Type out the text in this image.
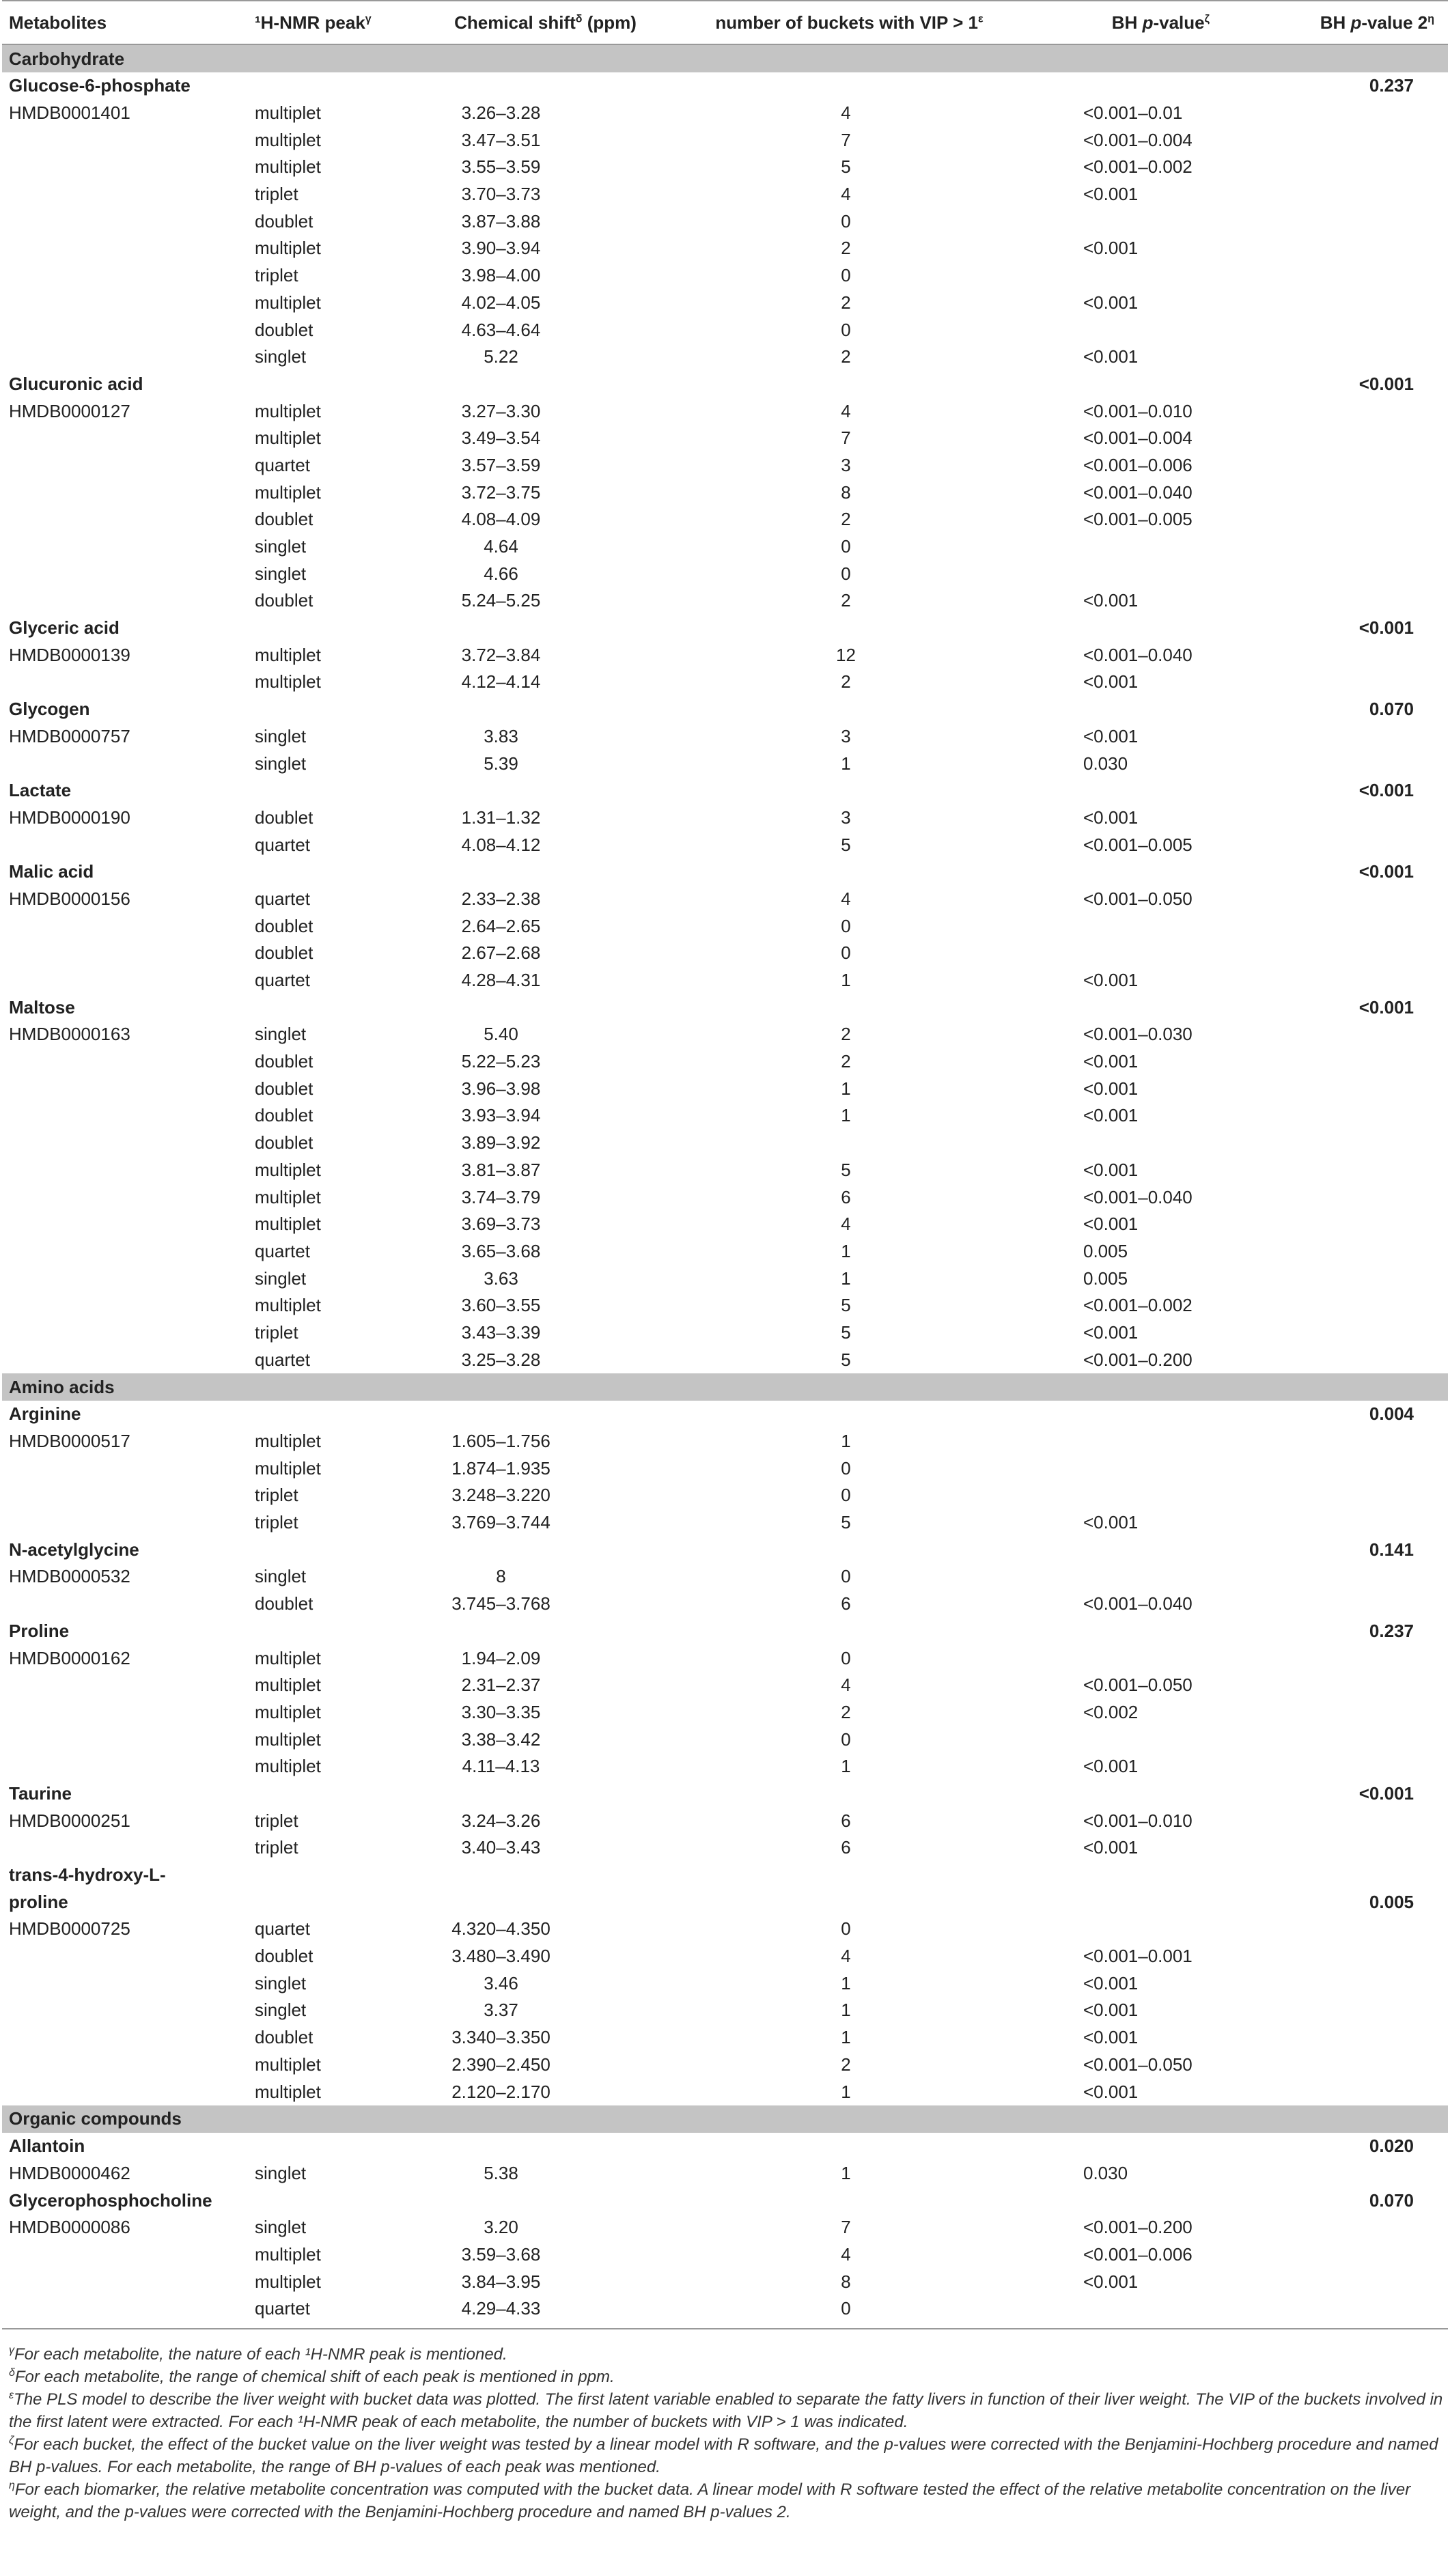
Metabolites	¹H-NMR peak$^\gamma$	Chemical shift$^\delta$ (ppm)	number of buckets with VIP > $1^\varepsilon$	BH p-value$^\zeta$	BH p-value $2^\eta$
Carbohydrate					
Glucose-6-phosphate					0.237
HMDB0001401	multiplet	3.26–3.28	4	<0.001–0.01	
	multiplet	3.47–3.51	7	<0.001–0.004	
	multiplet	3.55–3.59	5	<0.001–0.002	
	triplet	3.70–3.73	4	<0.001	
	doublet	3.87–3.88	0		
	multiplet	3.90–3.94	2	<0.001	
	triplet	3.98–4.00	0		
	multiplet	4.02–4.05	2	<0.001	
	doublet	4.63–4.64	0		
	singlet	5.22	2	<0.001	
Glucuronic acid					<0.001
HMDB0000127	multiplet	3.27–3.30	4	<0.001–0.010	
	multiplet	3.49–3.54	7	<0.001–0.004	
	quartet	3.57–3.59	3	<0.001–0.006	
	multiplet	3.72–3.75	8	<0.001–0.040	
	doublet	4.08–4.09	2	<0.001–0.005	
	singlet	4.64	0		
	singlet	4.66	0		
	doublet	5.24–5.25	2	<0.001	
Glyceric acid					<0.001
HMDB0000139	multiplet	3.72–3.84	12	<0.001–0.040	
	multiplet	4.12–4.14	2	<0.001	
Glycogen					0.070
HMDB0000757	singlet	3.83	3	<0.001	
	singlet	5.39	1	0.030	
Lactate					<0.001
HMDB0000190	doublet	1.31–1.32	3	<0.001	
	quartet	4.08–4.12	5	<0.001–0.005	
Malic acid					<0.001
HMDB0000156	quartet	2.33–2.38	4	<0.001–0.050	
	doublet	2.64–2.65	0		
	doublet	2.67–2.68	0		
	quartet	4.28–4.31	1	<0.001	
Maltose					<0.001
HMDB0000163	singlet	5.40	2	<0.001–0.030	
	doublet	5.22–5.23	2	<0.001	
	doublet	3.96–3.98	1	<0.001	
	doublet	3.93–3.94	1	<0.001	
	doublet	3.89–3.92			
	multiplet	3.81–3.87	5	<0.001	
	multiplet	3.74–3.79	6	<0.001–0.040	
	multiplet	3.69–3.73	4	<0.001	
	quartet	3.65–3.68	1	0.005	
	singlet	3.63	1	0.005	
	multiplet	3.60–3.55	5	<0.001–0.002	
	triplet	3.43–3.39	5	<0.001	
	quartet	3.25–3.28	5	<0.001–0.200	
Amino acids					
Arginine					0.004
HMDB0000517	multiplet	1.605–1.756	1		
	multiplet	1.874–1.935	0		
	triplet	3.248–3.220	0		
	triplet	3.769–3.744	5	<0.001	
N-acetylglycine					0.141
HMDB0000532	singlet	8	0		
	doublet	3.745–3.768	6	<0.001–0.040	
Proline					0.237
HMDB0000162	multiplet	1.94–2.09	0		
	multiplet	2.31–2.37	4	<0.001–0.050	
	multiplet	3.30–3.35	2	<0.002	
	multiplet	3.38–3.42	0		
	multiplet	4.11–4.13	1	<0.001	
Taurine					<0.001
HMDB0000251	triplet	3.24–3.26	6	<0.001–0.010	
	triplet	3.40–3.43	6	<0.001	
trans-4-hydroxy-L-					
proline					0.005
HMDB0000725	quartet	4.320–4.350	0		
	doublet	3.480–3.490	4	<0.001–0.001	
	singlet	3.46	1	<0.001	
	singlet	3.37	1	<0.001	
	doublet	3.340–3.350	1	<0.001	
	multiplet	2.390–2.450	2	<0.001–0.050	
	multiplet	2.120–2.170	1	<0.001	
Organic compounds					
Allantoin					0.020
HMDB0000462	singlet	5.38	1	0.030	
Glycerophosphocholine					0.070
HMDB0000086	singlet	3.20	7	<0.001–0.200	
	multiplet	3.59–3.68	4	<0.001–0.006	
	multiplet	3.84–3.95	8	<0.001	
	quartet	4.29–4.33	0		

$^\gamma$For each metabolite, the nature of each ¹H-NMR peak is mentioned.

$^\delta$For each metabolite, the range of chemical shift of each peak is mentioned in ppm.

$^\varepsilon$The PLS model to describe the liver weight with bucket data was plotted. The first latent variable enabled to separate the fatty livers in function of their liver weight. The VIP of the buckets involved in the first latent were extracted. For each ¹H-NMR peak of each metabolite, the number of buckets with VIP > 1 was indicated.

$^\zeta$For each bucket, the effect of the bucket value on the liver weight was tested by a linear model with R software, and the p-values were corrected with the Benjamini-Hochberg procedure and named BH p-values. For each metabolite, the range of BH p-values of each peak was mentioned.

$^\eta$For each biomarker, the relative metabolite concentration was computed with the bucket data. A linear model with R software tested the effect of the relative metabolite concentration on the liver weight, and the p-values were corrected with the Benjamini-Hochberg procedure and named BH p-values 2.
